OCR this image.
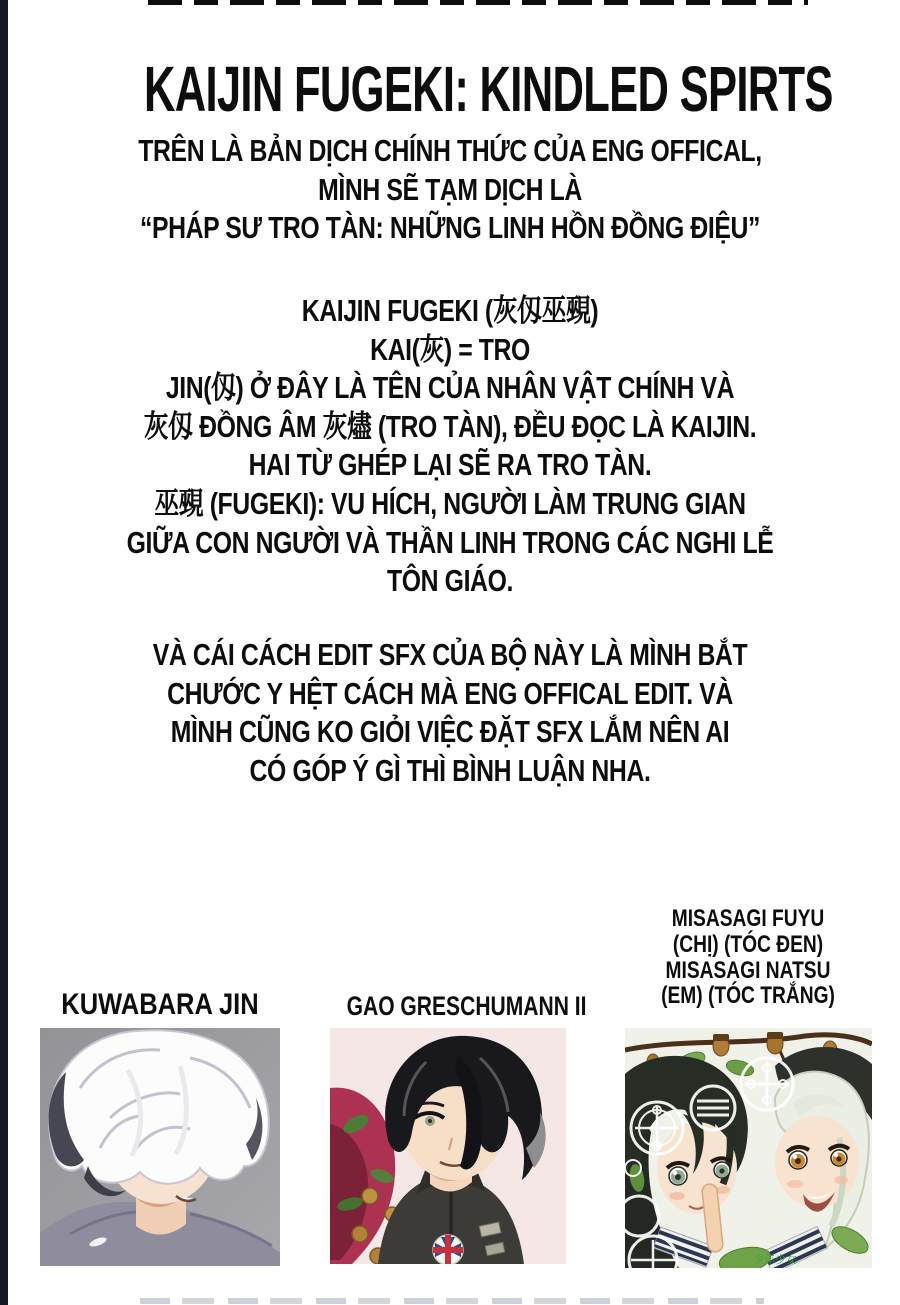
KAIJIN FUGEKI: KINDLED SPIRTS
TRÊN LÀ BẢN DỊCH CHÍNH THỨC CỦA ENG OFFICAL,
MÌNH SẼ TẠM DỊCH LÀ
“PHÁP SƯ TRO TÀN: NHỮNG LINH HỒN ĐỒNG ĐIỆU”
KAIJIN FUGEKI (灰仭巫覡)
KAI(灰) = TRO
JIN(仭) Ở ĐÂY LÀ TÊN CỦA NHÂN VẬT CHÍNH VÀ
灰仭 ĐỒNG ÂM 灰燼 (TRO TÀN), ĐỀU ĐỌC LÀ KAIJIN.
HAI TỪ GHÉP LẠI SẼ RA TRO TÀN.
巫覡 (FUGEKI): VU HÍCH, NGƯỜI LÀM TRUNG GIAN
GIỮA CON NGƯỜI VÀ THẦN LINH TRONG CÁC NGHI LỄ
TÔN GIÁO.
VÀ CÁI CÁCH EDIT SFX CỦA BỘ NÀY LÀ MÌNH BẮT
CHƯỚC Y HỆT CÁCH MÀ ENG OFFICAL EDIT. VÀ
MÌNH CŨNG KO GIỎI VIỆC ĐẶT SFX LẮM NÊN AI
CÓ GÓP Ý GÌ THÌ BÌNH LUẬN NHA.
KUWABARA JIN	GAO GRESCHUMANN II
MISASAGI FUYU
(CHỊ) (TÓC ĐEN)
MISASAGI NATSU
(EM) (TÓC TRẮNG)
少年少女
